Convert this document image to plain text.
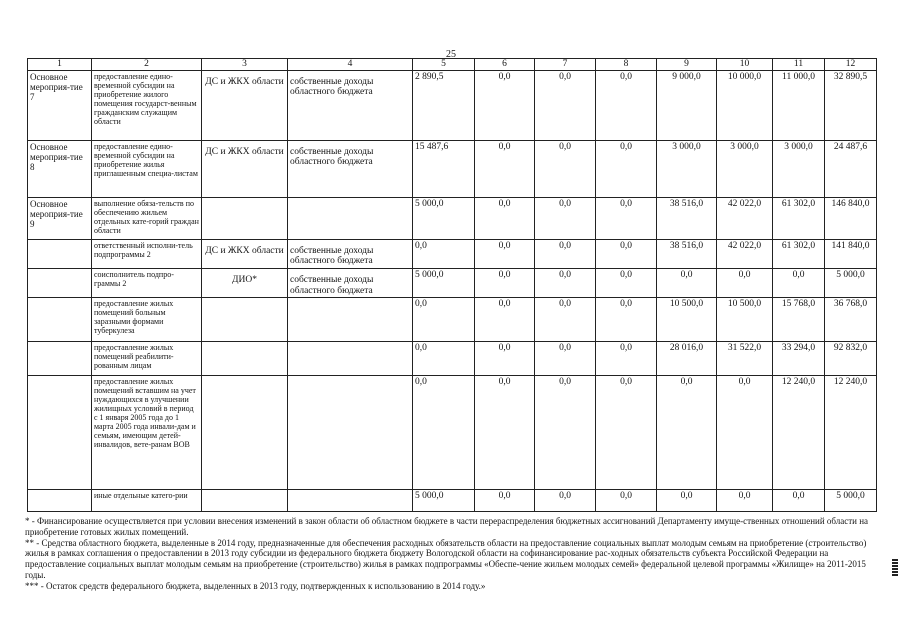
25
1	2	3	4	5	6	7	8	9	10	11	12
Основное мероприя-тие 7	предоставление едино-временной субсидии на приобретение жилого помещения государст-венным гражданским служащим области	ДС и ЖКХ области	собственные доходы областного бюджета	2 890,5	0,0	0,0	0,0	9 000,0	10 000,0	11 000,0	32 890,5
Основное мероприя-тие 8	предоставление едино-временной субсидии на приобретение жилья приглашенным специа-листам	ДС и ЖКХ области	собственные доходы областного бюджета	15 487,6	0,0	0,0	0,0	3 000,0	3 000,0	3 000,0	24 487,6
Основное мероприя-тие 9	выполнение обяза-тельств по обеспечению жильем отдельных кате-горий граждан области			5 000,0	0,0	0,0	0,0	38 516,0	42 022,0	61 302,0	146 840,0
	ответственный исполни-тель подпрограммы 2	ДС и ЖКХ области	собственные доходы областного бюджета	0,0	0,0	0,0	0,0	38 516,0	42 022,0	61 302,0	141 840,0
	соисполнитель подпро-граммы 2	ДИО*	собственные доходы областного бюджета	5 000,0	0,0	0,0	0,0	0,0	0,0	0,0	5 000,0
	предоставление жилых помещений больным заразными формами туберкулеза			0,0	0,0	0,0	0,0	10 500,0	10 500,0	15 768,0	36 768,0
	предоставление жилых помещений реабилити-рованным лицам			0,0	0,0	0,0	0,0	28 016,0	31 522,0	33 294,0	92 832,0
	предоставление жилых помещений вставшим на учет нуждающихся в улучшении жилищных условий в период с 1 января 2005 года до 1 марта 2005 года инвали-дам и семьям, имеющим детей-инвалидов, вете-ранам ВОВ			0,0	0,0	0,0	0,0	0,0	0,0	12 240,0	12 240,0
	иные отдельные катего-рии			5 000,0	0,0	0,0	0,0	0,0	0,0	0,0	5 000,0

* - Финансирование осуществляется при условии внесения изменений в закон области об областном бюджете в части перераспределения бюджетных ассигнований Департаменту имуще-ственных отношений области на приобретение готовых жилых помещений.

** - Средства областного бюджета, выделенные в 2014 году, предназначенные для обеспечения расходных обязательств области на предоставление социальных выплат молодым семьям на приобретение (строительство) жилья в рамках соглашения о предоставлении в 2013 году субсидии из федерального бюджета бюджету Вологодской области на софинансирование рас-ходных обязательств субъекта Российской Федерации на предоставление социальных выплат молодым семьям на приобретение (строительство) жилья в рамках подпрограммы «Обеспе-чение жильем молодых семей» федеральной целевой программы «Жилище» на 2011-2015 годы.

*** - Остаток средств федерального бюджета, выделенных в 2013 году, подтвержденных к использованию в 2014 году.»
